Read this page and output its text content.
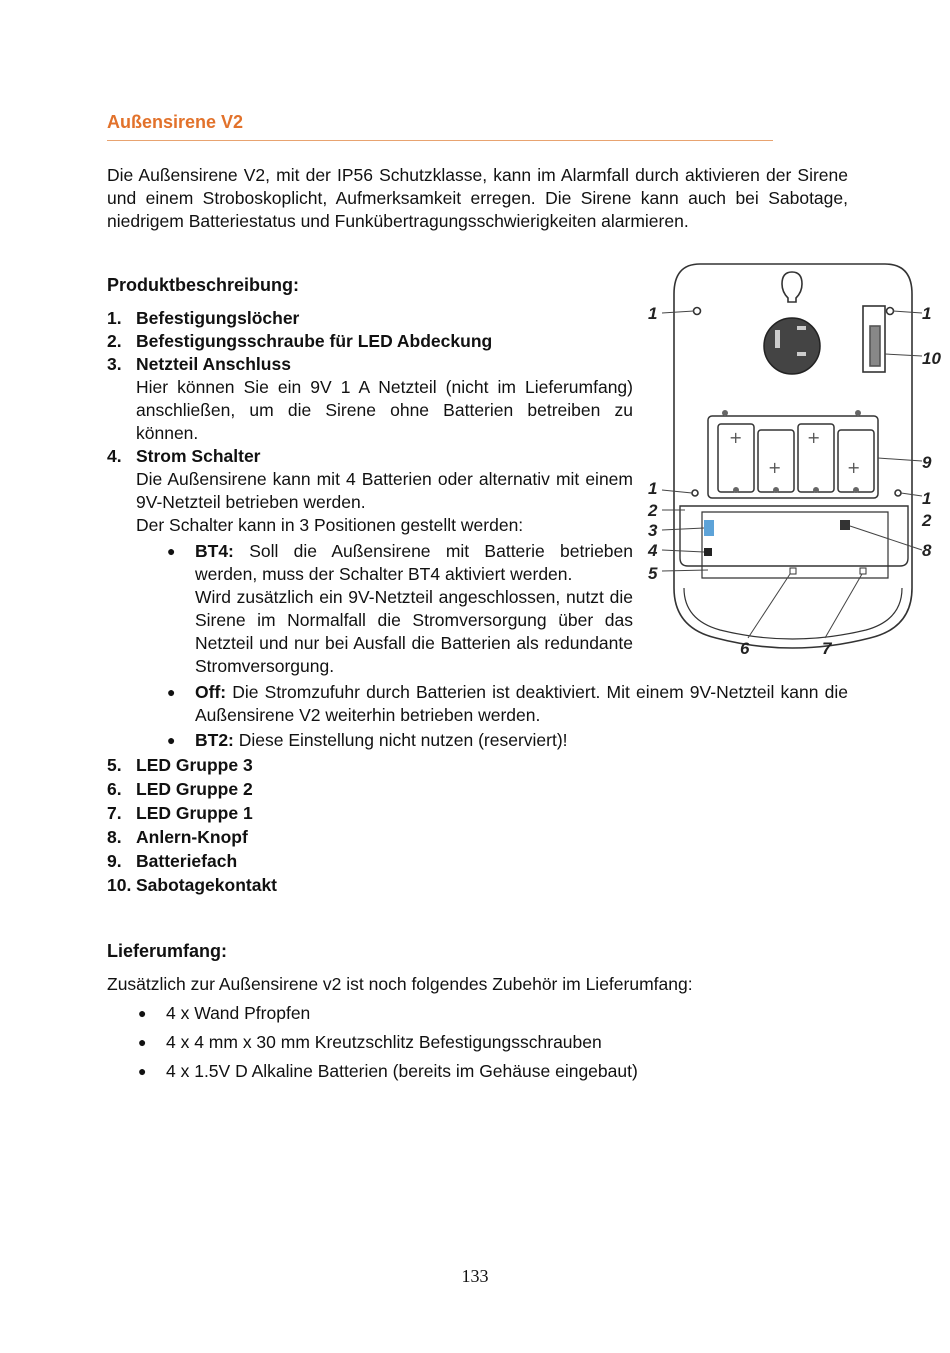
Außensirene V2
Die Außensirene V2, mit der IP56 Schutzklasse, kann im Alarmfall durch aktivieren der Sirene und einem Stroboskoplicht, Aufmerksamkeit erregen. Die Sirene kann auch bei Sabotage, niedrigem Batteriestatus und Funkübertragungsschwierigkeiten alarmieren.
Produktbeschreibung:
1. Befestigungslöcher
2. Befestigungsschraube für LED Abdeckung
3. Netzteil Anschluss
Hier können Sie ein 9V 1 A Netzteil (nicht im Lieferumfang) anschließen, um die Sirene ohne Batterien betreiben zu können.
4. Strom Schalter
Die Außensirene kann mit 4 Batterien oder alternativ mit einem 9V-Netzteil betrieben werden.
Der Schalter kann in 3 Positionen gestellt werden:
● BT4: Soll die Außensirene mit Batterie betrieben werden, muss der Schalter BT4 aktiviert werden.
Wird zusätzlich ein 9V-Netzteil angeschlossen, nutzt die Sirene im Normalfall die Stromversorgung über das Netzteil und nur bei Ausfall die Batterien als redundante Stromversorgung.
● Off: Die Stromzufuhr durch Batterien ist deaktiviert. Mit einem 9V-Netzteil kann die Außensirene V2 weiterhin betrieben werden.
● BT2: Diese Einstellung nicht nutzen (reserviert)!
5. LED Gruppe 3
6. LED Gruppe 2
7. LED Gruppe 1
8. Anlern-Knopf
9. Batteriefach
10. Sabotagekontakt
Lieferumfang:
Zusätzlich zur Außensirene v2 ist noch folgendes Zubehör im Lieferumfang:
● 4 x Wand Pfropfen
● 4 x 4 mm x 30 mm Kreutzschlitz Befestigungsschrauben
● 4 x 1.5V D Alkaline Batterien (bereits im Gehäuse eingebaut)
+	+
+	+
1
1
2
3
4
5
1
10
9
1
2
8
6	7
133
